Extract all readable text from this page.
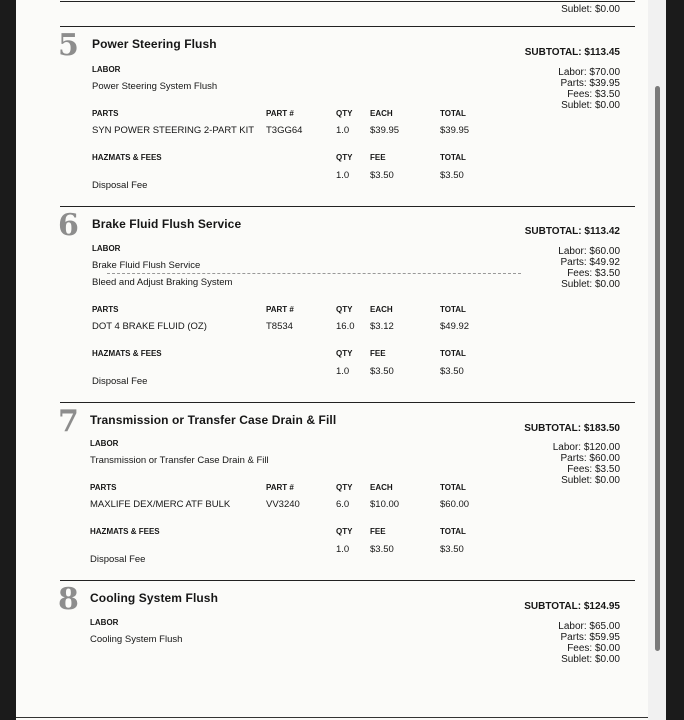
Sublet: $0.00
5 Power Steering Flush
SUBTOTAL: $113.45
Labor: $70.00
Parts: $39.95
Fees: $3.50
Sublet: $0.00
LABOR
Power Steering System Flush
PARTS	PART #	QTY EACH	TOTAL
SYN POWER STEERING 2-PART KIT T3GG64	1.0 $39.95	$39.95
HAZMATS & FEES	QTY FEE	TOTAL
1.0 $3.50	$3.50
Disposal Fee
6 Brake Fluid Flush Service
SUBTOTAL: $113.42
Labor: $60.00
Parts: $49.92
Fees: $3.50
Sublet: $0.00
LABOR
Brake Fluid Flush Service
Bleed and Adjust Braking System
PARTS	PART #	QTY EACH	TOTAL
DOT 4 BRAKE FLUID (OZ)	T8534	16.0 $3.12	$49.92
HAZMATS & FEES	QTY FEE	TOTAL
1.0 $3.50	$3.50
Disposal Fee
7 Transmission or Transfer Case Drain & Fill
SUBTOTAL: $183.50
Labor: $120.00
Parts: $60.00
Fees: $3.50
Sublet: $0.00
LABOR
Transmission or Transfer Case Drain & Fill
PARTS	PART #	QTY EACH	TOTAL
MAXLIFE DEX/MERC ATF BULK	VV3240	6.0 $10.00	$60.00
HAZMATS & FEES	QTY FEE	TOTAL
1.0 $3.50	$3.50
Disposal Fee
8 Cooling System Flush
SUBTOTAL: $124.95
Labor: $65.00
Parts: $59.95
Fees: $0.00
Sublet: $0.00
LABOR
Cooling System Flush
